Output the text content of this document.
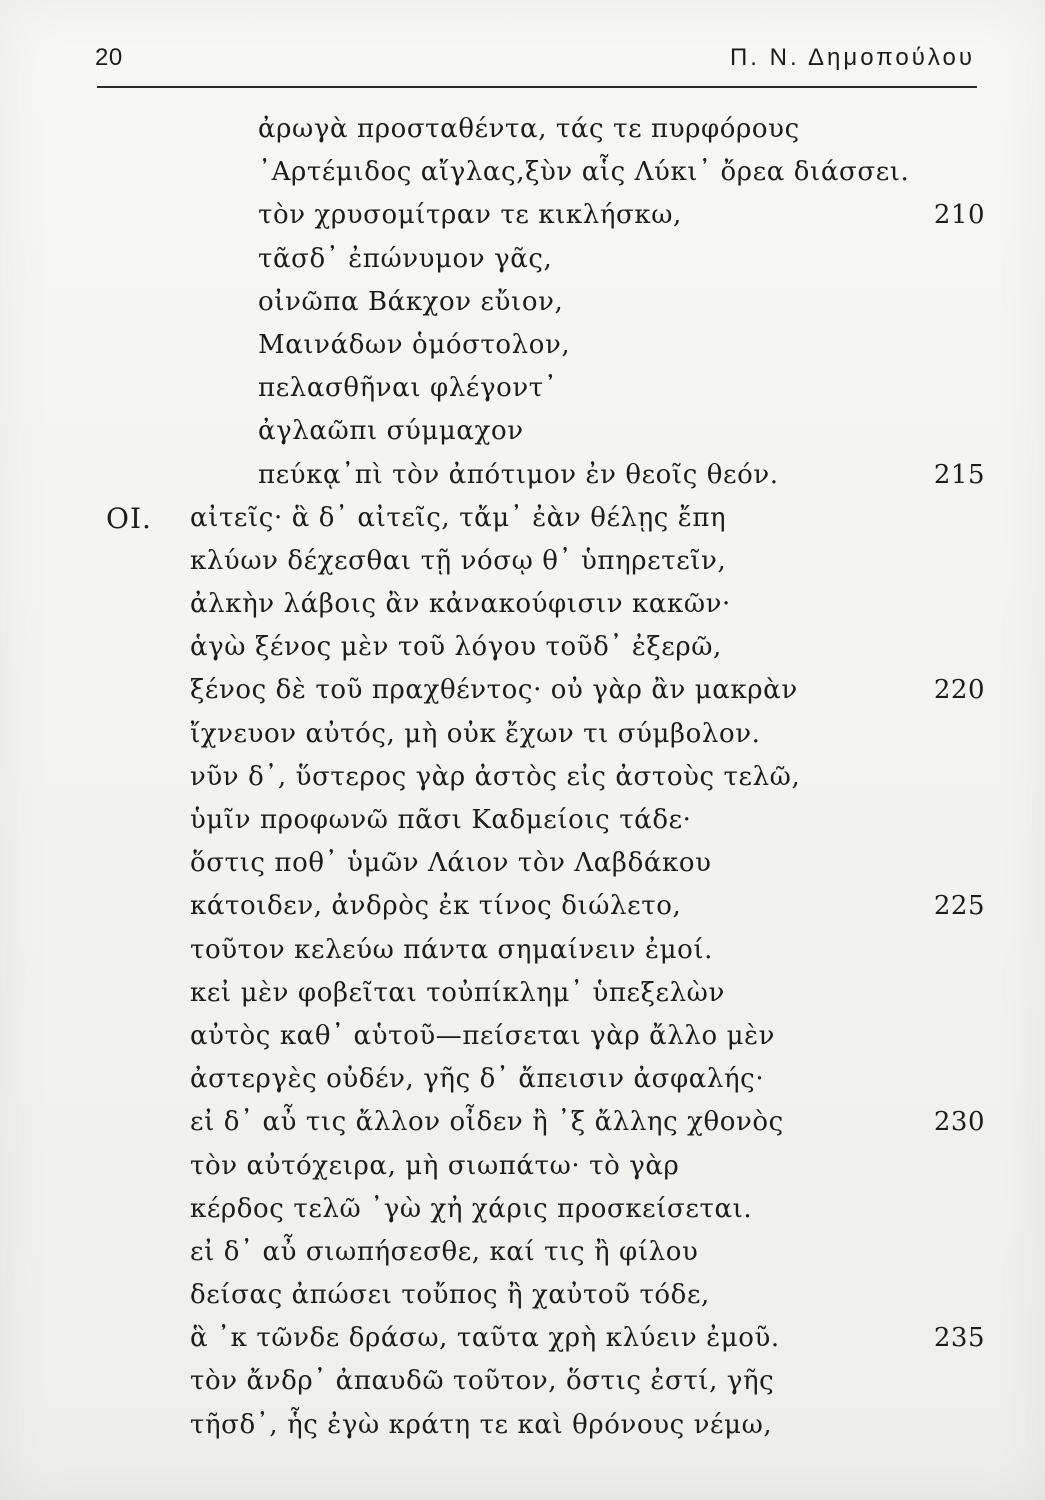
20	Π. Ν. Δημοπούλου
ἀρωγὰ προσταθέντα, τάς τε πυρφόρους
᾿Αρτέμιδος αἴγλας,ξὺν αἷς Λύκι᾿ ὄρεα διάσσει.
τὸν χρυσομίτραν τε κικλήσκω,	210
τᾶσδ᾿ ἐπώνυμον γᾶς,
οἰνῶπα Βάκχον εὔιον,
Μαινάδων ὁμόστολον,
πελασθῆναι φλέγοντ᾿
ἀγλαῶπι σύμμαχον
πεύκᾳ᾿πὶ τὸν ἀπότιμον ἐν θεοῖς θεόν.	215
ΟΙ. αἰτεῖς· ἃ δ᾿ αἰτεῖς, τἄμ᾿ ἐὰν θέλῃς ἔπη
κλύων δέχεσθαι τῇ νόσῳ θ᾿ ὑπηρετεῖν,
ἀλκὴν λάβοις ἂν κἀνακούφισιν κακῶν·
ἁγὼ ξένος μὲν τοῦ λόγου τοῦδ᾿ ἐξερῶ,
ξένος δὲ τοῦ πραχθέντος· οὐ γὰρ ἂν μακρὰν	220
ἴχνευον αὐτός, μὴ οὐκ ἔχων τι σύμβολον.
νῦν δ᾿, ὕστερος γὰρ ἀστὸς εἰς ἀστοὺς τελῶ,
ὑμῖν προφωνῶ πᾶσι Καδμείοις τάδε·
ὅστις ποθ᾿ ὑμῶν Λάιον τὸν Λαβδάκου
κάτοιδεν, ἀνδρὸς ἐκ τίνος διώλετο,	225
τοῦτον κελεύω πάντα σημαίνειν ἐμοί.
κεἰ μὲν φοβεῖται τοὐπίκλημ᾿ ὑπεξελὼν
αὐτὸς καθ᾿ αὑτοῦ—πείσεται γὰρ ἄλλο μὲν
ἀστεργὲς οὐδέν, γῆς δ᾿ ἄπεισιν ἀσφαλής·
εἰ δ᾿ αὖ τις ἄλλον οἶδεν ἢ ᾿ξ ἄλλης χθονὸς	230
τὸν αὐτόχειρα, μὴ σιωπάτω· τὸ γὰρ
κέρδος τελῶ ᾿γὼ χἠ χάρις προσκείσεται.
εἰ δ᾿ αὖ σιωπήσεσθε, καί τις ἢ φίλου
δείσας ἀπώσει τοὔπος ἢ χαὐτοῦ τόδε,
ἃ ᾿κ τῶνδε δράσω, ταῦτα χρὴ κλύειν ἐμοῦ.	235
τὸν ἄνδρ᾿ ἀπαυδῶ τοῦτον, ὅστις ἐστί, γῆς
τῆσδ᾿, ἧς ἐγὼ κράτη τε καὶ θρόνους νέμω,
